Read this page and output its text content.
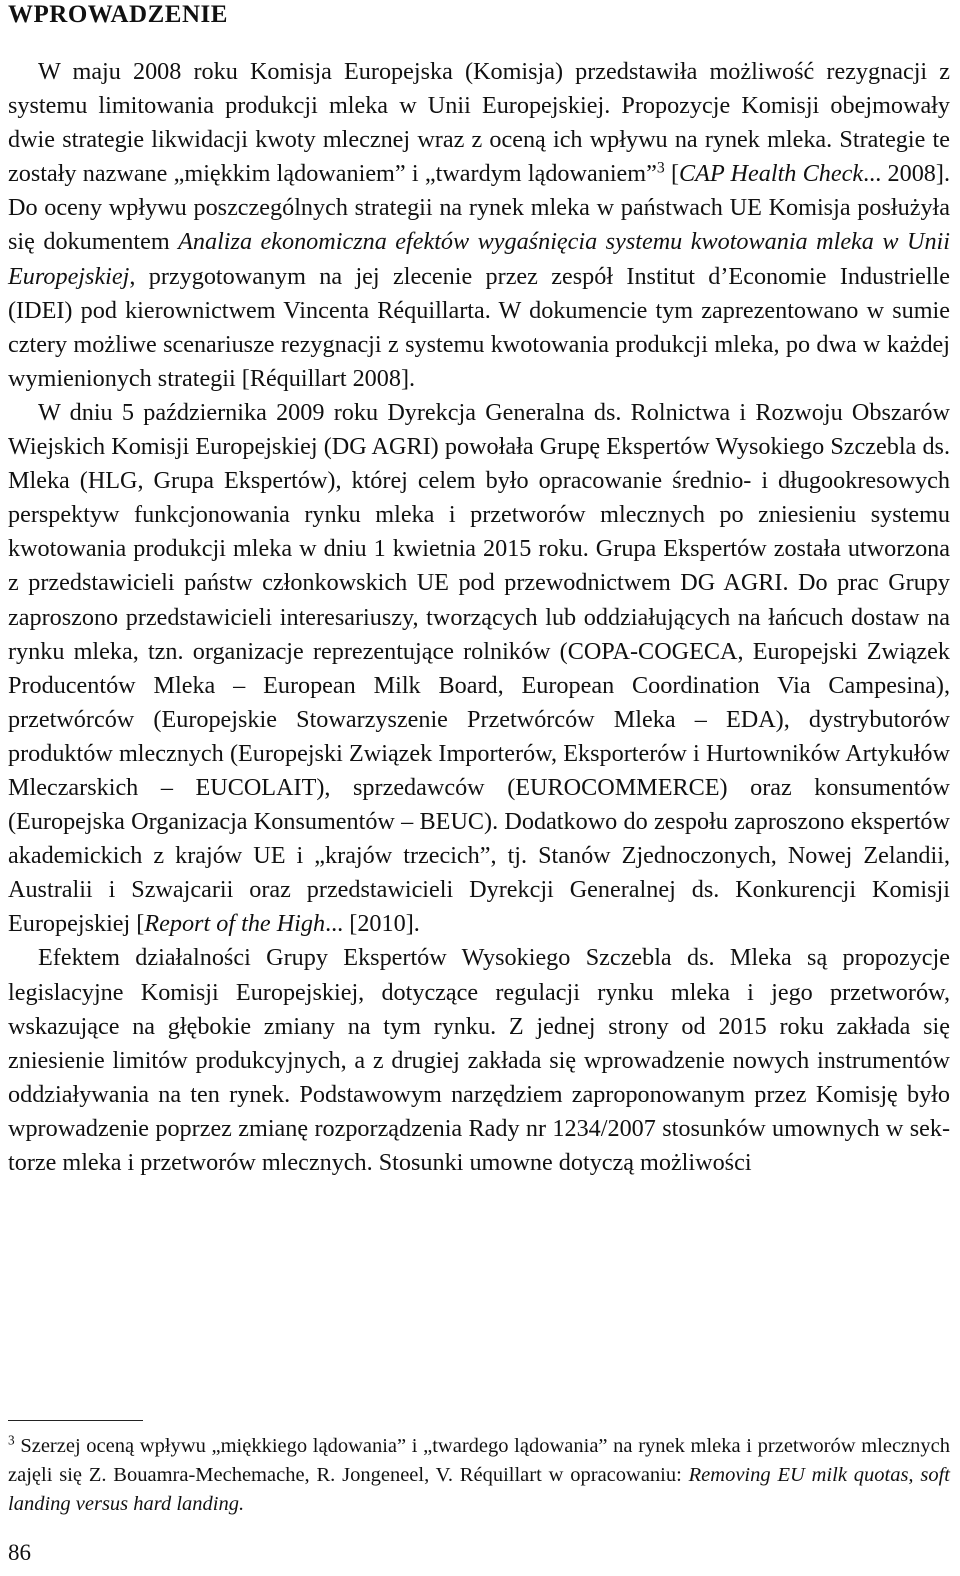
WPROWADZENIE

W maju 2008 roku Komisja Europejska (Komisja) przedstawiła możliwość rezygnacji z systemu limitowania produkcji mleka w Unii Europejskiej. Propozycje Komisji obejmowały dwie strategie likwidacji kwoty mlecznej wraz z oceną ich wpływu na rynek mleka. Strategie te zostały nazwane „miękkim lądowaniem” i „twardym lądowaniem”$^3$ [CAP Health Check... 2008]. Do oceny wpływu poszczególnych strategii na rynek mleka w państwach UE Komisja posłużyła się dokumentem Analiza ekonomiczna efektów wygaśnięcia systemu kwotowania mleka w Unii Europejskiej, przygotowanym na jej zlecenie przez zespół Institut d’Economie Industrielle (IDEI) pod kierownictwem Vincenta Réquillarta. W dokumencie tym zaprezentowano w sumie cztery możliwe scenariusze rezygnacji z systemu kwotowania produkcji mleka, po dwa w każdej wymienionych strategii [Réquillart 2008].

W dniu 5 października 2009 roku Dyrekcja Generalna ds. Rolnictwa i Rozwoju Obszarów Wiejskich Komisji Europejskiej (DG AGRI) powołała Grupę Ekspertów Wysokiego Szczebla ds. Mleka (HLG, Grupa Ekspertów), której celem było opracowanie średnio- i długookresowych perspektyw funkcjonowania rynku mleka i przetworów mlecznych po zniesieniu systemu kwotowania produkcji mleka w dniu 1 kwietnia 2015 roku. Grupa Ekspertów została utworzona z przedstawicieli państw członkowskich UE pod przewodnictwem DG AGRI. Do prac Grupy zaproszono przedstawicieli interesariuszy, tworzących lub oddziałujących na łańcuch dostaw na rynku mleka, tzn. organizacje reprezentujące rolników (COPA-COGECA, Europejski Związek Producentów Mleka – European Milk Board, European Coordination Via Campesina), przetwórców (Europejskie Stowarzyszenie Przetwórców Mleka – EDA), dystrybutorów produktów mlecznych (Europejski Związek Importerów, Eksporterów i Hurtowników Artykułów Mleczarskich – EUCOLAIT), sprzedawców (EUROCOMMERCE) oraz konsumentów (Europejska Organizacja Konsumentów – BEUC). Dodatkowo do zespołu zaproszono ekspertów akademickich z krajów UE i „krajów trzecich”, tj. Stanów Zjednoczonych, Nowej Zelandii, Australii i Szwajcarii oraz przedstawicieli Dyrekcji Generalnej ds. Konkurencji Komisji Europejskiej [Report of the High... [2010].

Efektem działalności Grupy Ekspertów Wysokiego Szczebla ds. Mleka są propozycje legislacyjne Komisji Europejskiej, dotyczące regulacji rynku mleka i jego przetworów, wskazujące na głębokie zmiany na tym rynku. Z jednej strony od 2015 roku zakłada się zniesienie limitów produkcyjnych, a z drugiej zakłada się wprowadzenie nowych instrumentów oddziaływania na ten rynek. Podstawowym narzędziem zaproponowanym przez Komisję było wprowadzenie poprzez zmianę rozporządzenia Rady nr 1234/2007 stosunków umownych w sektorze mleka i przetworów mlecznych. Stosunki umowne dotyczą możliwości

$^3$ Szerzej oceną wpływu „miękkiego lądowania” i „twardego lądowania” na rynek mleka i przetworów mlecznych zajęli się Z. Bouamra-Mechemache, R. Jongeneel, V. Réquillart w opracowaniu: Removing EU milk quotas, soft landing versus hard landing.

86
